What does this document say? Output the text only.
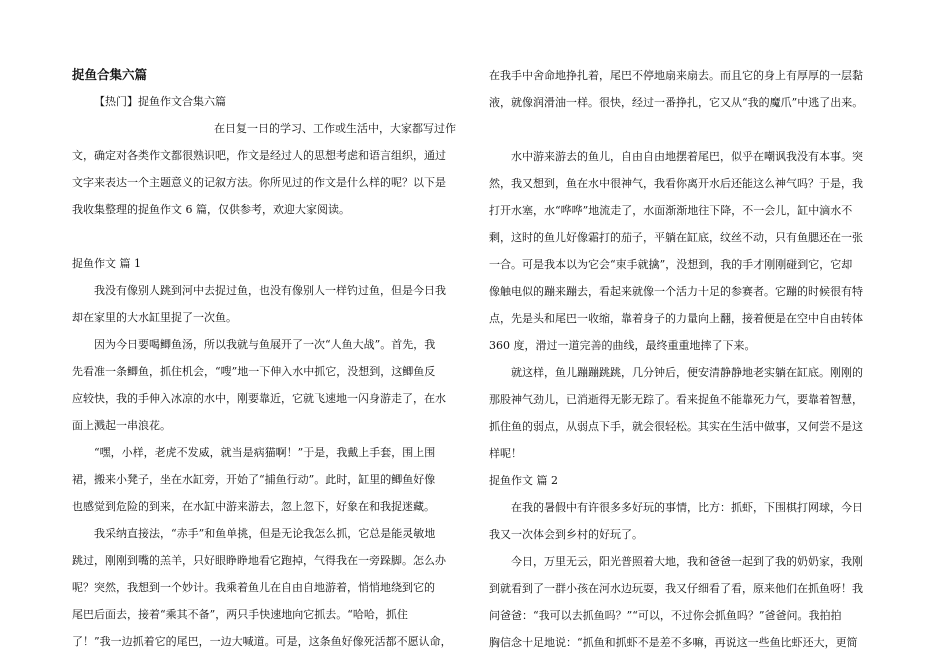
捉鱼合集六篇

【热门】捉鱼作文合集六篇

在日复一日的学习、工作或生活中，大家都写过作

文，确定对各类作文都很熟识吧，作文是经过人的思想考虑和语言组织，通过

文字来表达一个主题意义的记叙方法。你所见过的作文是什么样的呢？以下是

我收集整理的捉鱼作文 6 篇，仅供参考，欢迎大家阅读。

捉鱼作文 篇 1

我没有像别人跳到河中去捉过鱼，也没有像别人一样钓过鱼，但是今日我

却在家里的大水缸里捉了一次鱼。

因为今日要喝鲫鱼汤，所以我就与鱼展开了一次“人鱼大战”。首先，我

先看准一条鲫鱼，抓住机会，“嗖”地一下伸入水中抓它，没想到，这鲫鱼反

应较快，我的手伸入冰凉的水中，刚要靠近，它就飞速地一闪身游走了，在水

面上溅起一串浪花。

“嘿，小样，老虎不发威，就当是病猫啊！”于是，我戴上手套，围上围

裙，搬来小凳子，坐在水缸旁，开始了“捕鱼行动”。此时，缸里的鲫鱼好像

也感觉到危险的到来，在水缸中游来游去，忽上忽下，好象在和我捉迷藏。

我采纳直接法，“赤手”和鱼单挑，但是无论我怎么抓，它总是能灵敏地

跳过，刚刚到嘴的羔羊，只好眼睁睁地看它跑掉，气得我在一旁跺脚。怎么办

呢？突然，我想到一个妙计。我乘着鱼儿在自由自地游着，悄悄地绕到它的

尾巴后面去，接着“乘其不备”，两只手快速地向它抓去。“哈哈，抓住

了！”我一边抓着它的尾巴，一边大喊道。可是，这条鱼好像死活都不愿认命，

在我手中舍命地挣扎着，尾巴不停地扇来扇去。而且它的身上有厚厚的一层黏

液，就像润滑油一样。很快，经过一番挣扎，它又从“我的魔爪”中逃了出来。

水中游来游去的鱼儿，自由自由地摆着尾巴，似乎在嘲讽我没有本事。突

然，我又想到，鱼在水中很神气，我看你离开水后还能这么神气吗？于是，我

打开水塞，水“哗哗”地流走了，水面渐渐地往下降，不一会儿，缸中滴水不

剩，这时的鱼儿好像霜打的茄子，平躺在缸底，纹丝不动，只有鱼腮还在一张

一合。可是我本以为它会“束手就擒”，没想到，我的手才刚刚碰到它，它却

像触电似的蹦来蹦去，看起来就像一个活力十足的参赛者。它蹦的时候很有特

点，先是头和尾巴一收缩，靠着身子的力量向上翻，接着便是在空中自由转体

360 度，滑过一道完善的曲线，最终重重地摔了下来。

就这样，鱼儿蹦蹦跳跳，几分钟后，便安清静静地老实躺在缸底。刚刚的

那股神气劲儿，已消逝得无影无踪了。看来捉鱼不能靠死力气，要靠着智慧，

抓住鱼的弱点，从弱点下手，就会很轻松。其实在生活中做事，又何尝不是这

样呢！

捉鱼作文 篇 2

在我的暑假中有许很多多好玩的事情，比方：抓虾，下围棋打网球，今日

我又一次体会到乡村的好玩了。

今日，万里无云，阳光普照着大地，我和爸爸一起到了我的奶奶家，我刚

到就看到了一群小孩在河水边玩耍，我又仔细看了看，原来他们在抓鱼呀！我

问爸爸：“我可以去抓鱼吗？”“可以，不过你会抓鱼吗？”爸爸问。我拍拍

胸信念十足地说：“抓鱼和抓虾不是差不多嘛，再说这一些鱼比虾还大，更简
